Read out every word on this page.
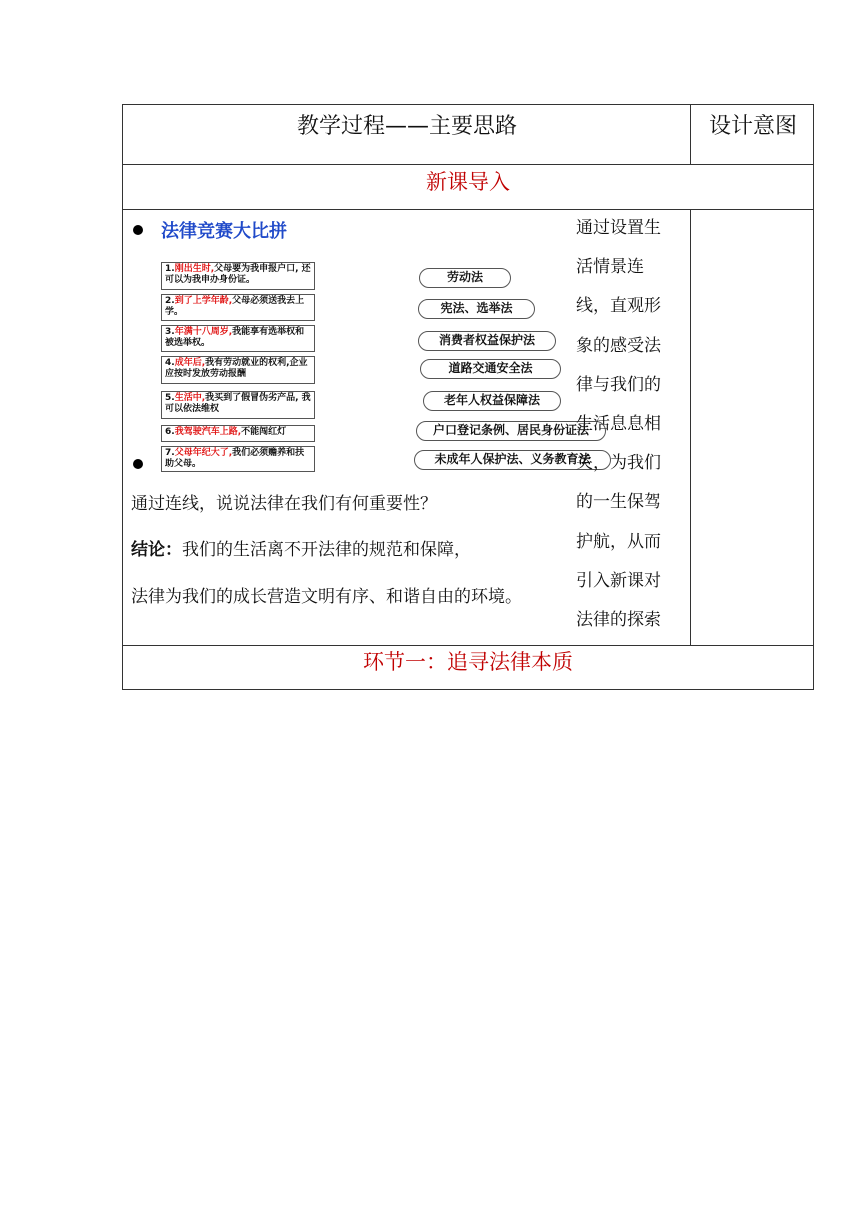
教学过程——主要思路	设计意图
新课导入
法律竞赛大比拼
1.刚出生时,父母要为我申报户口, 还可以为我申办身份证。
2.到了上学年龄,父母必须送我去上学。
3.年满十八周岁,我能享有选举权和被选举权。
4.成年后,我有劳动就业的权利,企业应按时发放劳动报酬
5.生活中,我买到了假冒伪劣产品, 我可以依法维权
6.我驾驶汽车上路,不能闯红灯
7.父母年纪大了,我们必须赡养和扶助父母。
劳动法
宪法、选举法
消费者权益保护法
道路交通安全法
老年人权益保障法
户口登记条例、居民身份证法
未成年人保护法、义务教育法
通过连线，说说法律在我们有何重要性？
结论：我们的生活离不开法律的规范和保障，
法律为我们的成长营造文明有序、和谐自由的环境。
环节一：追寻法律本质
通过设置生
活情景连
线，直观形
象的感受法
律与我们的
生活息息相
关，为我们
的一生保驾
护航，从而
引入新课对
法律的探索
